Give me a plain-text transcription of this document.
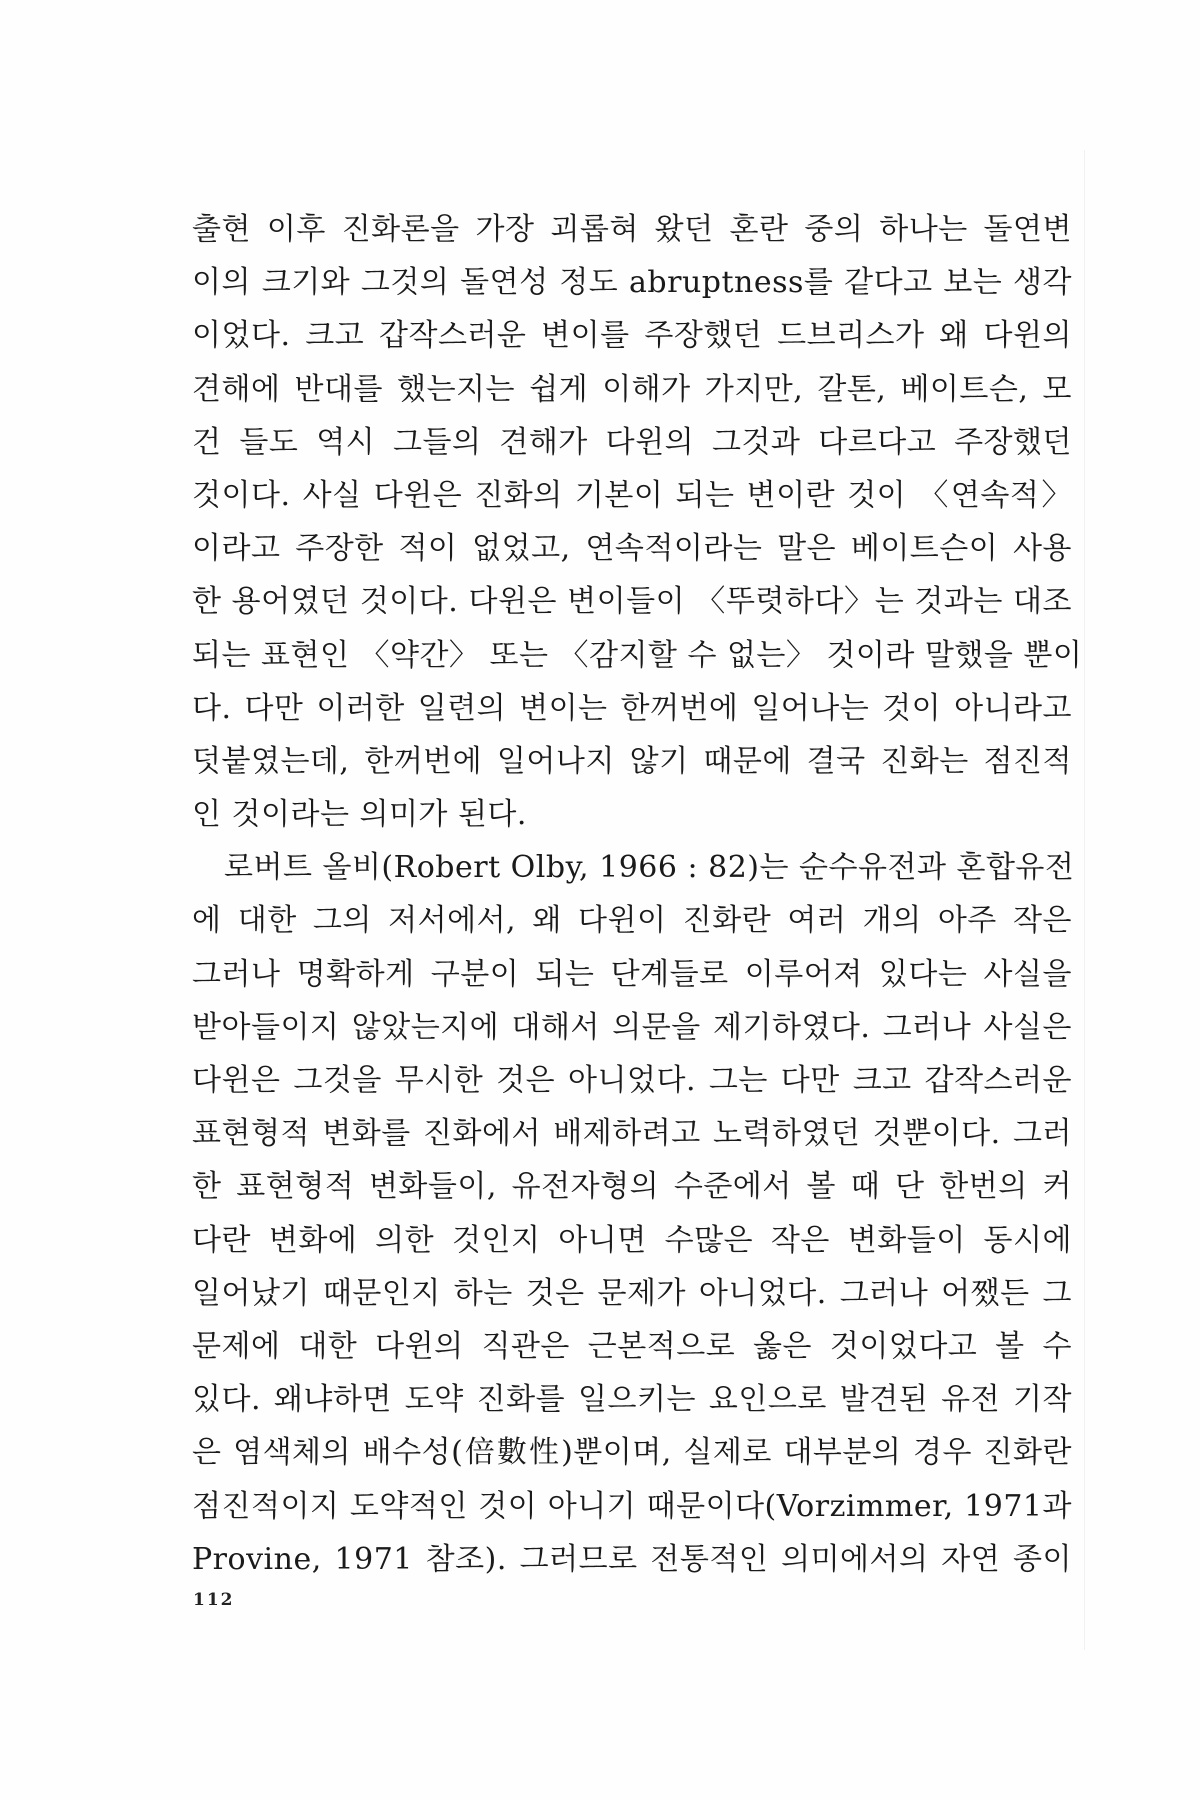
출현 이후 진화론을 가장 괴롭혀 왔던 혼란 중의 하나는 돌연변
이의 크기와 그것의 돌연성 정도 abruptness를 같다고 보는 생각
이었다. 크고 갑작스러운 변이를 주장했던 드브리스가 왜 다윈의
견해에 반대를 했는지는 쉽게 이해가 가지만, 갈톤, 베이트슨, 모
건 들도 역시 그들의 견해가 다윈의 그것과 다르다고 주장했던
것이다. 사실 다윈은 진화의 기본이 되는 변이란 것이 〈연속적〉
이라고 주장한 적이 없었고, 연속적이라는 말은 베이트슨이 사용
한 용어였던 것이다. 다윈은 변이들이 〈뚜렷하다〉는 것과는 대조
되는 표현인 〈약간〉 또는 〈감지할 수 없는〉 것이라 말했을 뿐이
다. 다만 이러한 일련의 변이는 한꺼번에 일어나는 것이 아니라고
덧붙였는데, 한꺼번에 일어나지 않기 때문에 결국 진화는 점진적
인 것이라는 의미가 된다.
로버트 올비(Robert Olby, 1966 : 82)는 순수유전과 혼합유전
에 대한 그의 저서에서, 왜 다윈이 진화란 여러 개의 아주 작은
그러나 명확하게 구분이 되는 단계들로 이루어져 있다는 사실을
받아들이지 않았는지에 대해서 의문을 제기하였다. 그러나 사실은
다윈은 그것을 무시한 것은 아니었다. 그는 다만 크고 갑작스러운
표현형적 변화를 진화에서 배제하려고 노력하였던 것뿐이다. 그러
한 표현형적 변화들이, 유전자형의 수준에서 볼 때 단 한번의 커
다란 변화에 의한 것인지 아니면 수많은 작은 변화들이 동시에
일어났기 때문인지 하는 것은 문제가 아니었다. 그러나 어쨌든 그
문제에 대한 다윈의 직관은 근본적으로 옳은 것이었다고 볼 수
있다. 왜냐하면 도약 진화를 일으키는 요인으로 발견된 유전 기작
은 염색체의 배수성(倍數性)뿐이며, 실제로 대부분의 경우 진화란
점진적이지 도약적인 것이 아니기 때문이다(Vorzimmer, 1971과
Provine, 1971 참조). 그러므로 전통적인 의미에서의 자연 종이
112
